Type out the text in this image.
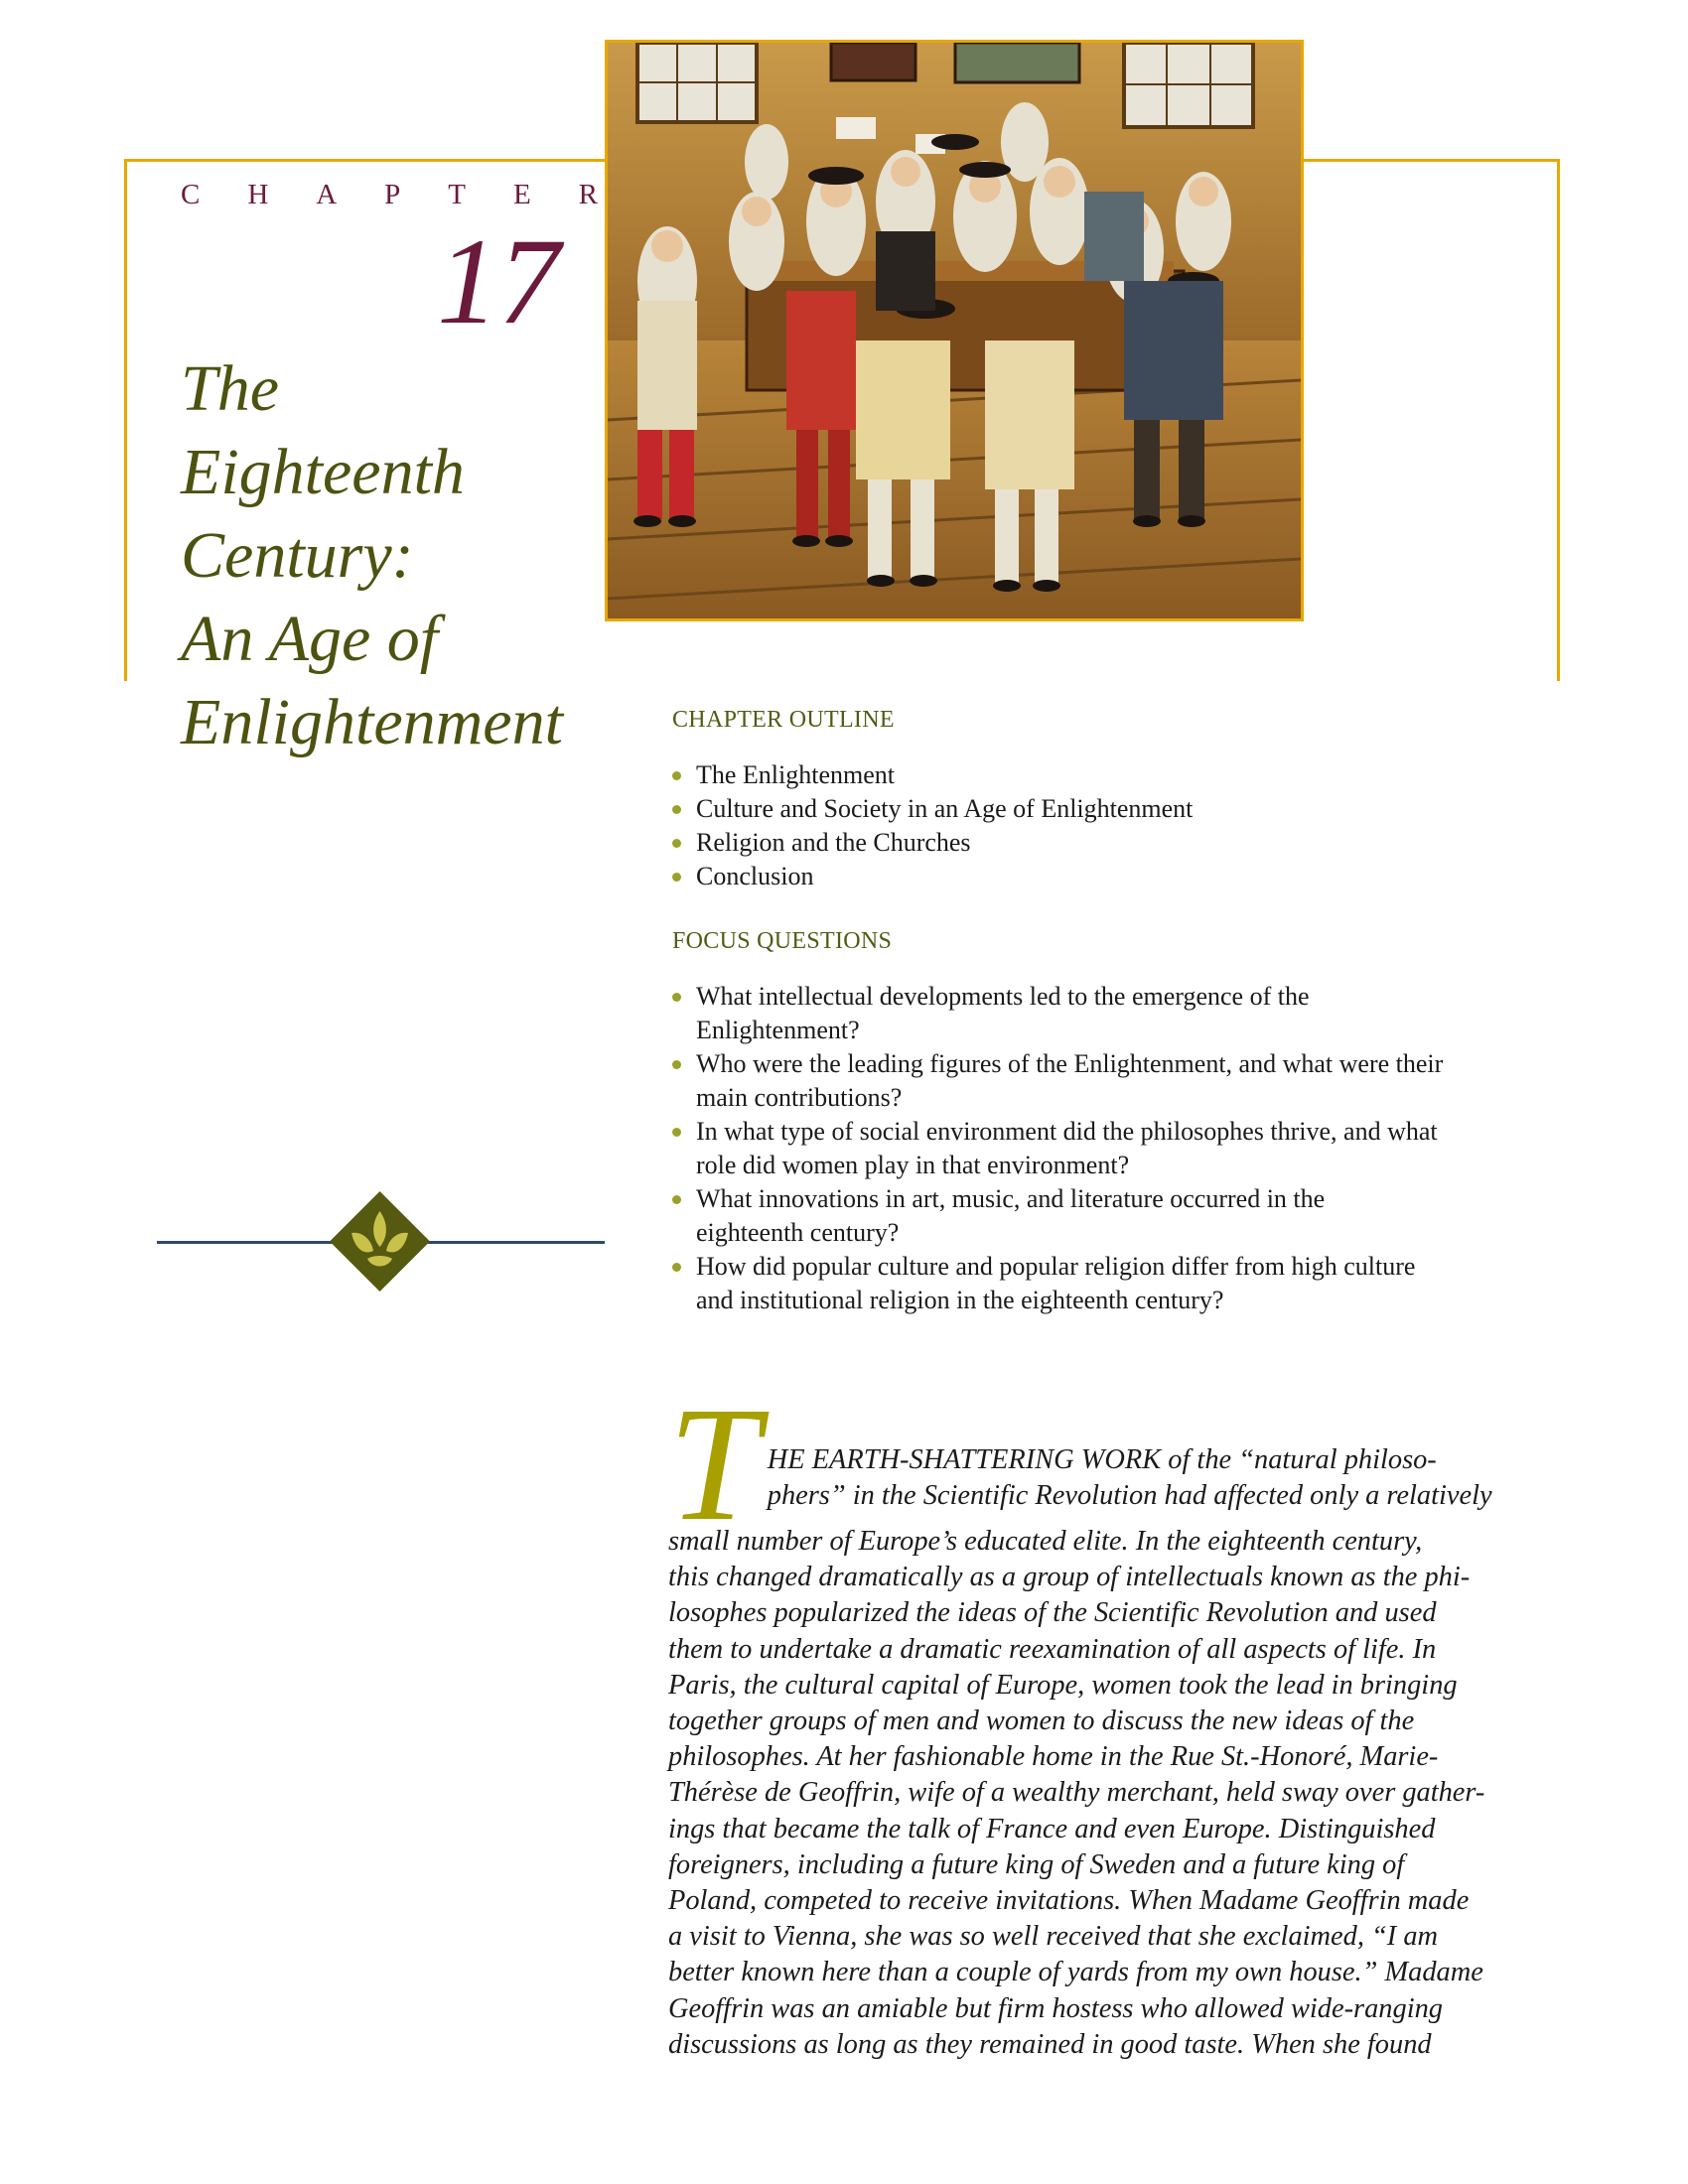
C H A P T E R
17
The
Eighteenth
Century:
An Age of
Enlightenment	CHAPTER OUTLINE
The Enlightenment
Culture and Society in an Age of Enlightenment
Religion and the Churches
Conclusion
FOCUS QUESTIONS
What intellectual developments led to the emergence of the
Enlightenment?
Who were the leading figures of the Enlightenment, and what were their
main contributions?
In what type of social environment did the philosophes thrive, and what
role did women play in that environment?
What innovations in art, music, and literature occurred in the
eighteenth century?
How did popular culture and popular religion differ from high culture
and institutional religion in the eighteenth century?
T HE EARTH-SHATTERING WORK of the “natural philoso-
phers” in the Scientific Revolution had affected only a relatively
small number of Europe’s educated elite. In the eighteenth century,
this changed dramatically as a group of intellectuals known as the phi-
losophes popularized the ideas of the Scientific Revolution and used
them to undertake a dramatic reexamination of all aspects of life. In
Paris, the cultural capital of Europe, women took the lead in bringing
together groups of men and women to discuss the new ideas of the
philosophes. At her fashionable home in the Rue St.-Honoré, Marie-
Thérèse de Geoffrin, wife of a wealthy merchant, held sway over gather-
ings that became the talk of France and even Europe. Distinguished
foreigners, including a future king of Sweden and a future king of
Poland, competed to receive invitations. When Madame Geoffrin made
a visit to Vienna, she was so well received that she exclaimed, “I am
better known here than a couple of yards from my own house.” Madame
Geoffrin was an amiable but firm hostess who allowed wide-ranging
discussions as long as they remained in good taste. When she found
